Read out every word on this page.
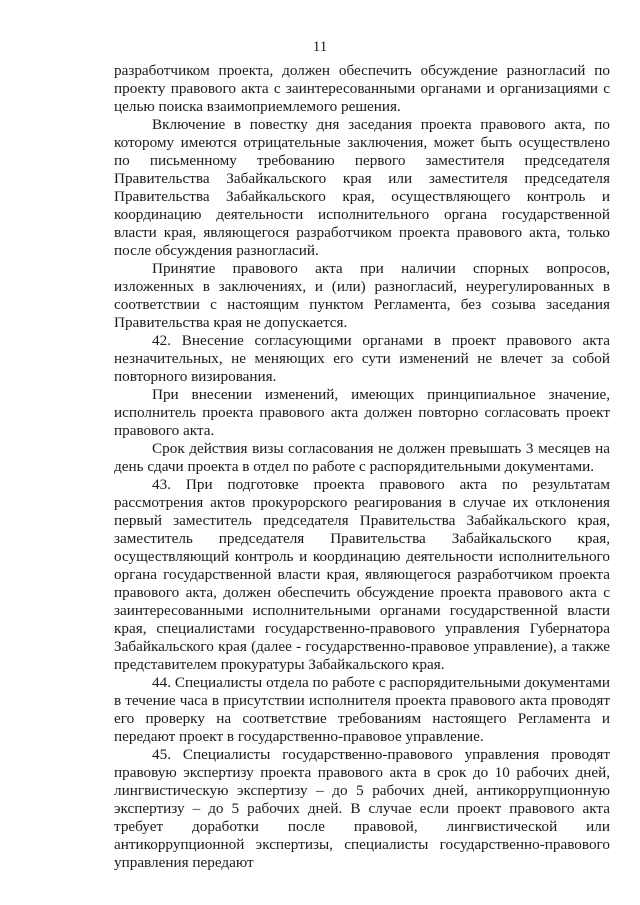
11

разработчиком проекта, должен обеспечить обсуждение разногласий по проекту правового акта с заинтересованными органами и организациями с целью поиска взаимоприемлемого решения.

Включение в повестку дня заседания проекта правового акта, по которому имеются отрицательные заключения, может быть осуществлено по письменному требованию первого заместителя председателя Правительства Забайкальского края или заместителя председателя Правительства Забайкальского края, осуществляющего контроль и координацию деятельности исполнительного органа государственной власти края, являющегося разработчиком проекта правового акта, только после обсуждения разногласий.

Принятие правового акта при наличии спорных вопросов, изложенных в заключениях, и (или) разногласий, неурегулированных в соответствии с настоящим пунктом Регламента, без созыва заседания Правительства края не допускается.

42. Внесение согласующими органами в проект правового акта незначительных, не меняющих его сути изменений не влечет за собой повторного визирования.

При внесении изменений, имеющих принципиальное значение, исполнитель проекта правового акта должен повторно согласовать проект правового акта.

Срок действия визы согласования не должен превышать 3 месяцев на день сдачи проекта в отдел по работе с распорядительными документами.

43. При подготовке проекта правового акта по результатам рассмотрения актов прокурорского реагирования в случае их отклонения первый заместитель председателя Правительства Забайкальского края, заместитель председателя Правительства Забайкальского края, осуществляющий контроль и координацию деятельности исполнительного органа государственной власти края, являющегося разработчиком проекта правового акта, должен обеспечить обсуждение проекта правового акта с заинтересованными исполнительными органами государственной власти края, специалистами государственно-правового управления Губернатора Забайкальского края (далее - государственно-правовое управление), а также представителем прокуратуры Забайкальского края.

44. Специалисты отдела по работе с распорядительными документами в течение часа в присутствии исполнителя проекта правового акта проводят его проверку на соответствие требованиям настоящего Регламента и передают проект в государственно-правовое управление.

45. Специалисты государственно-правового управления проводят правовую экспертизу проекта правового акта в срок до 10 рабочих дней, лингвистическую экспертизу – до 5 рабочих дней, антикоррупционную экспертизу – до 5 рабочих дней. В случае если проект правового акта требует доработки после правовой, лингвистической или антикоррупционной экспертизы, специалисты государственно-правового управления передают
